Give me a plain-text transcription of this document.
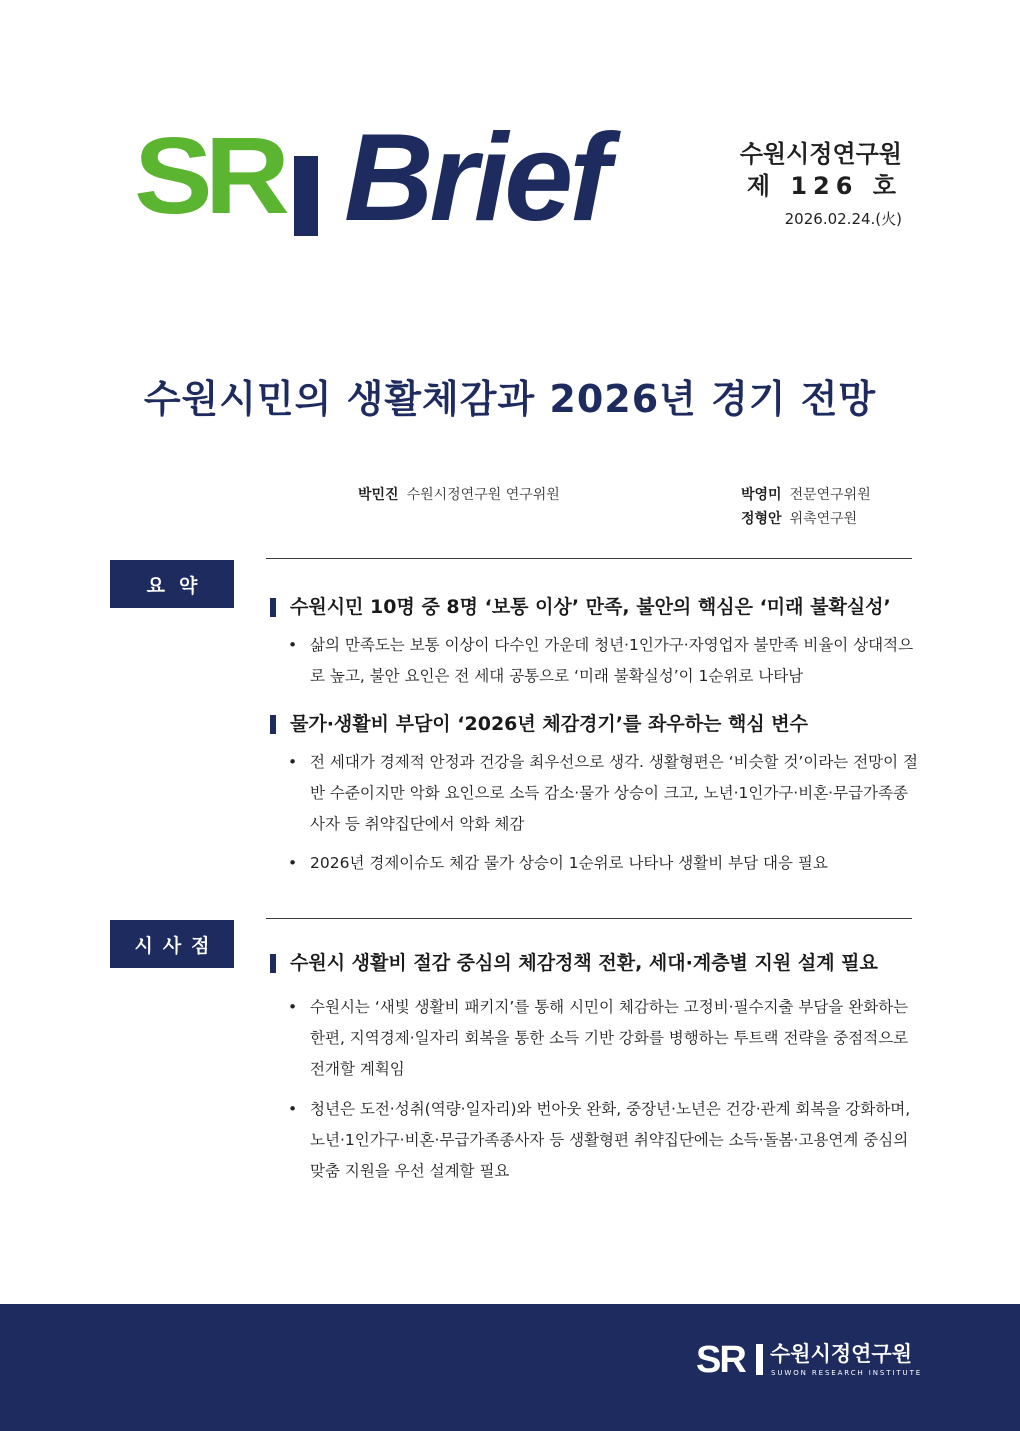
SR Brief	수원시정연구원
제 126 호
2026.02.24.(火)
수원시민의 생활체감과 2026년 경기 전망
박민진 수원시정연구원 연구위원	박영미 전문연구위원
정형안 위촉연구원
요약
수원시민 10명 중 8명 ‘보통 이상’ 만족, 불안의 핵심은 ‘미래 불확실성’
• 삶의 만족도는 보통 이상이 다수인 가운데 청년·1인가구·자영업자 불만족 비율이 상대적으로 높고, 불안 요인은 전 세대 공통으로 ‘미래 불확실성’이 1순위로 나타남
물가·생활비 부담이 ‘2026년 체감경기’를 좌우하는 핵심 변수
• 전 세대가 경제적 안정과 건강을 최우선으로 생각. 생활형편은 ‘비슷할 것’이라는 전망이 절반 수준이지만 악화 요인으로 소득 감소·물가 상승이 크고, 노년·1인가구·비혼·무급가족종사자 등 취약집단에서 악화 체감
• 2026년 경제이슈도 체감 물가 상승이 1순위로 나타나 생활비 부담 대응 필요
시사점
수원시 생활비 절감 중심의 체감정책 전환, 세대·계층별 지원 설계 필요
• 수원시는 ‘새빛 생활비 패키지’를 통해 시민이 체감하는 고정비·필수지출 부담을 완화하는 한편, 지역경제·일자리 회복을 통한 소득 기반 강화를 병행하는 투트랙 전략을 중점적으로 전개할 계획임
• 청년은 도전·성취(역량·일자리)와 번아웃 완화, 중장년·노년은 건강·관계 회복을 강화하며, 노년·1인가구·비혼·무급가족종사자 등 생활형편 취약집단에는 소득·돌봄·고용연계 중심의 맞춤 지원을 우선 설계할 필요
SR 수원시정연구원
SUWON RESEARCH INSTITUTE
